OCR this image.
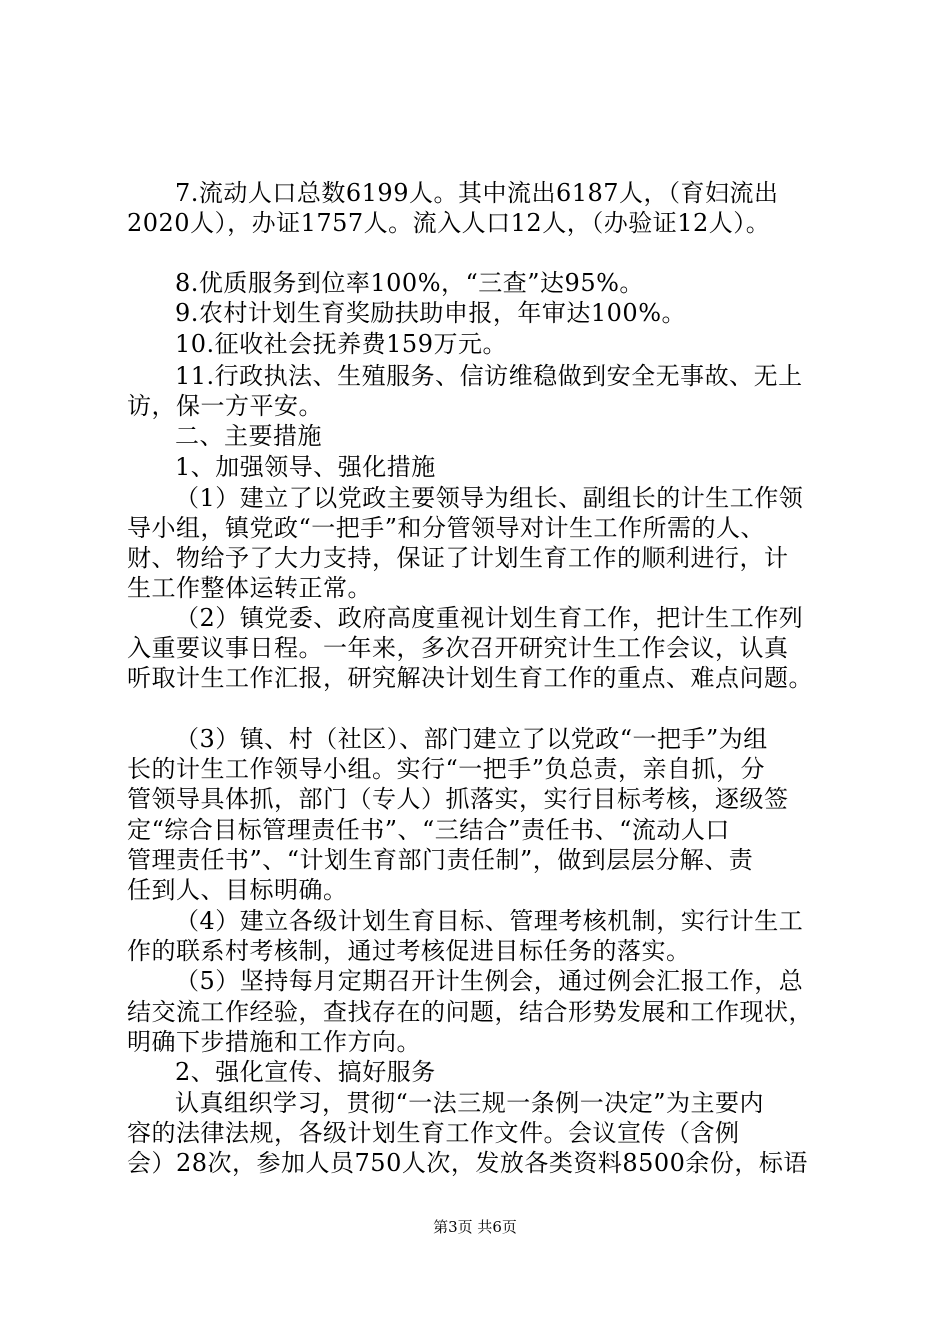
7.流动人口总数6199人。其中流出6187人，（育妇流出
2020人），办证1757人。流入人口12人，（办验证12人）。
8.优质服务到位率100%，“三查”达95%。
9.农村计划生育奖励扶助申报，年审达100%。
10.征收社会抚养费159万元。
11.行政执法、生殖服务、信访维稳做到安全无事故、无上
访，保一方平安。
二、主要措施
1、加强领导、强化措施
（1）建立了以党政主要领导为组长、副组长的计生工作领
导小组，镇党政“一把手”和分管领导对计生工作所需的人、
财、物给予了大力支持，保证了计划生育工作的顺利进行，计
生工作整体运转正常。
（2）镇党委、政府高度重视计划生育工作，把计生工作列
入重要议事日程。一年来，多次召开研究计生工作会议，认真
听取计生工作汇报，研究解决计划生育工作的重点、难点问题。
（3）镇、村（社区）、部门建立了以党政“一把手”为组
长的计生工作领导小组。实行“一把手”负总责，亲自抓，分
管领导具体抓，部门（专人）抓落实，实行目标考核，逐级签
定“综合目标管理责任书”、“三结合”责任书、“流动人口
管理责任书”、“计划生育部门责任制”，做到层层分解、责
任到人、目标明确。
（4）建立各级计划生育目标、管理考核机制，实行计生工
作的联系村考核制，通过考核促进目标任务的落实。
（5）坚持每月定期召开计生例会，通过例会汇报工作，总
结交流工作经验，查找存在的问题，结合形势发展和工作现状，
明确下步措施和工作方向。
2、强化宣传、搞好服务
认真组织学习，贯彻“一法三规一条例一决定”为主要内
容的法律法规，各级计划生育工作文件。会议宣传（含例
会）28次，参加人员750人次，发放各类资料8500余份，标语
第3页 共6页
